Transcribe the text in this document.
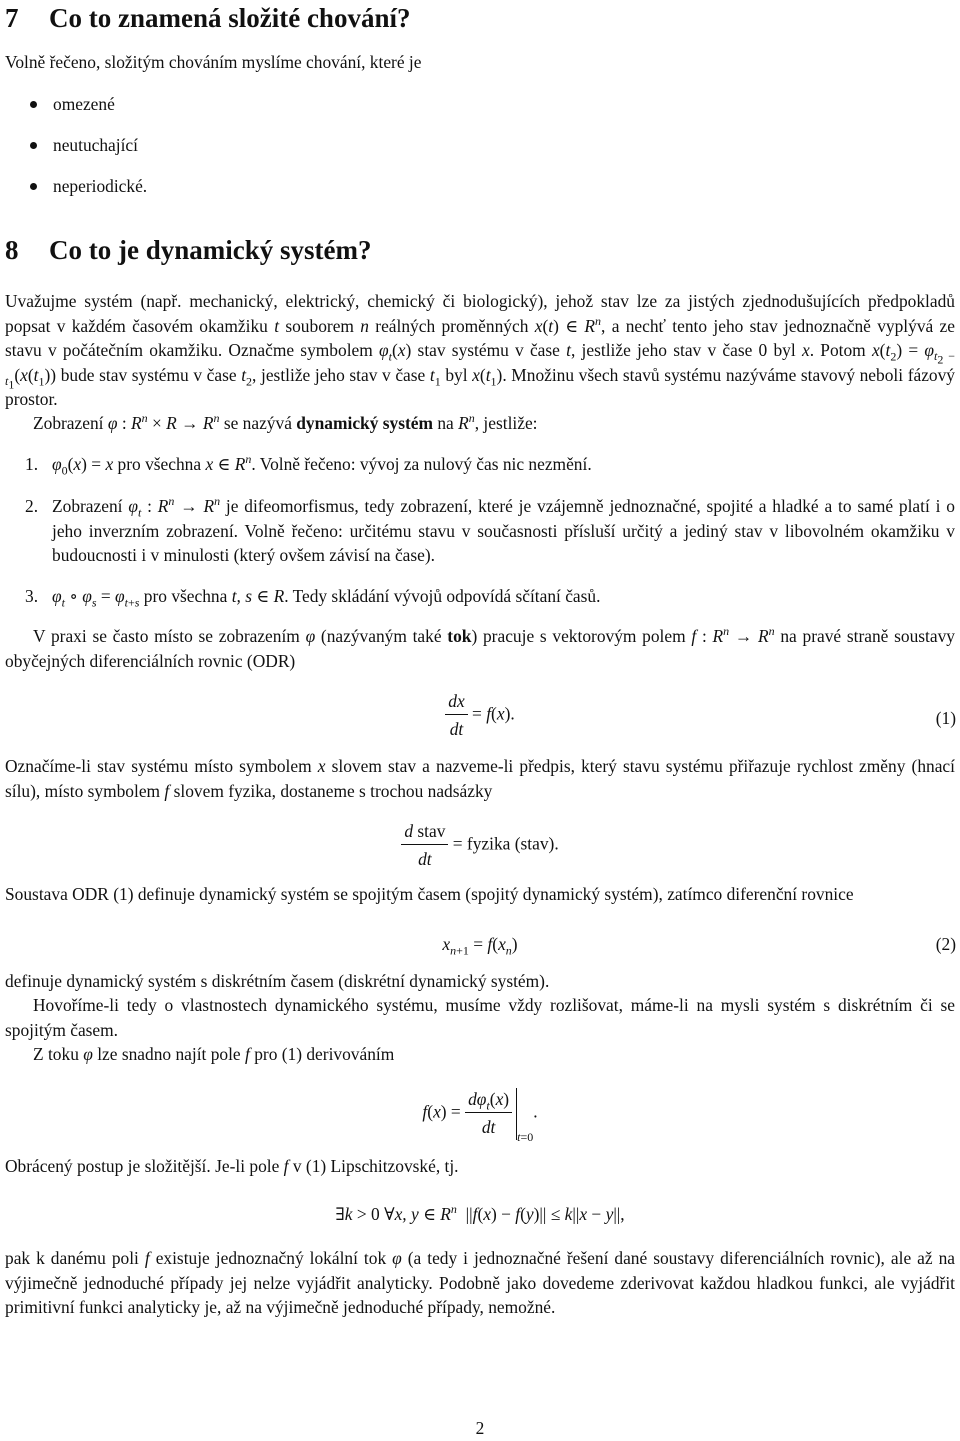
7 Co to znamená složité chování?

Volně řečeno, složitým chováním myslíme chování, které je

omezené
neutuchající
neperiodické.
8 Co to je dynamický systém?

Uvažujme systém (např. mechanický, elektrický, chemický či biologický), jehož stav lze za jistých zjednodušujících předpokladů popsat v každém časovém okamžiku t souborem n reálných proměnných x(t) ∈ $R^n$, a nechť tento jeho stav jednoznačně vyplývá ze stavu v počátečním okamžiku. Označme symbolem $\varphi_t(x)$ stav systému v čase t, jestliže jeho stav v čase 0 byl x. Potom $x(t_2) = \varphi_{t_2 - t_1}(x(t_1))$ bude stav systému v čase $t_2$, jestliže jeho stav v čase $t_1$ byl $x(t_1)$. Množinu všech stavů systému nazýváme stavový neboli fázový prostor.

Zobrazení φ : $R^n \times R \to R^n$ se nazývá dynamický systém na $R^n$, jestliže:

1. $\varphi_0(x) = x$ pro všechna x ∈ $R^n$. Volně řečeno: vývoj za nulový čas nic nezmění.
2. Zobrazení $\varphi_t$ : $R^n \to R^n$ je difeomorfismus, tedy zobrazení, které je vzájemně jednoznačné, spojité a hladké a to samé platí i o jeho inverzním zobrazení. Volně řečeno: určitému stavu v současnosti přísluší určitý a jediný stav v libovolném okamžiku v budoucnosti i v minulosti (který ovšem závisí na čase).
3. $\varphi_t$ ∘ $\varphi_s = \varphi_{t+s}$ pro všechna t, s ∈ R. Tedy skládání vývojů odpovídá sčítaní časů.

V praxi se často místo se zobrazením φ (nazývaným také tok) pracuje s vektorovým polem f : $R^n \to R^n$ na pravé straně soustavy obyčejných diferenciálních rovnic (ODR)

$\frac{dx}{dt} = f(x)$.	(1)

Označíme-li stav systému místo symbolem x slovem stav a nazveme-li předpis, který stavu systému přiřazuje rychlost změny (hnací sílu), místo symbolem f slovem fyzika, dostaneme s trochou nadsázky

$\frac{\text{d stav}}{dt}$ = fyzika (stav).

Soustava ODR (1) definuje dynamický systém se spojitým časem (spojitý dynamický systém), zatímco diferenční rovnice

$x_{n+1} = f(x_n)$	(2)

definuje dynamický systém s diskrétním časem (diskrétní dynamický systém).

Hovoříme-li tedy o vlastnostech dynamického systému, musíme vždy rozlišovat, máme-li na mysli systém s diskrétním či se spojitým časem.

Z toku φ lze snadno najít pole f pro (1) derivováním

$f(x) = \frac{d\varphi_t(x)}{dt} t=0$.

Obrácený postup je složitější. Je-li pole f v (1) Lipschitzovské, tj.

∃k > 0 ∀x, y ∈ $R^n$  ||f(x) − f(y)|| ≤ k||x − y||,

pak k danému poli f existuje jednoznačný lokální tok φ (a tedy i jednoznačné řešení dané soustavy diferenciálních rovnic), ale až na výjimečně jednoduché případy jej nelze vyjádřit analyticky. Podobně jako dovedeme zderivovat každou hladkou funkci, ale vyjádřit primitivní funkci analyticky je, až na výjimečně jednoduché případy, nemožné.

2
